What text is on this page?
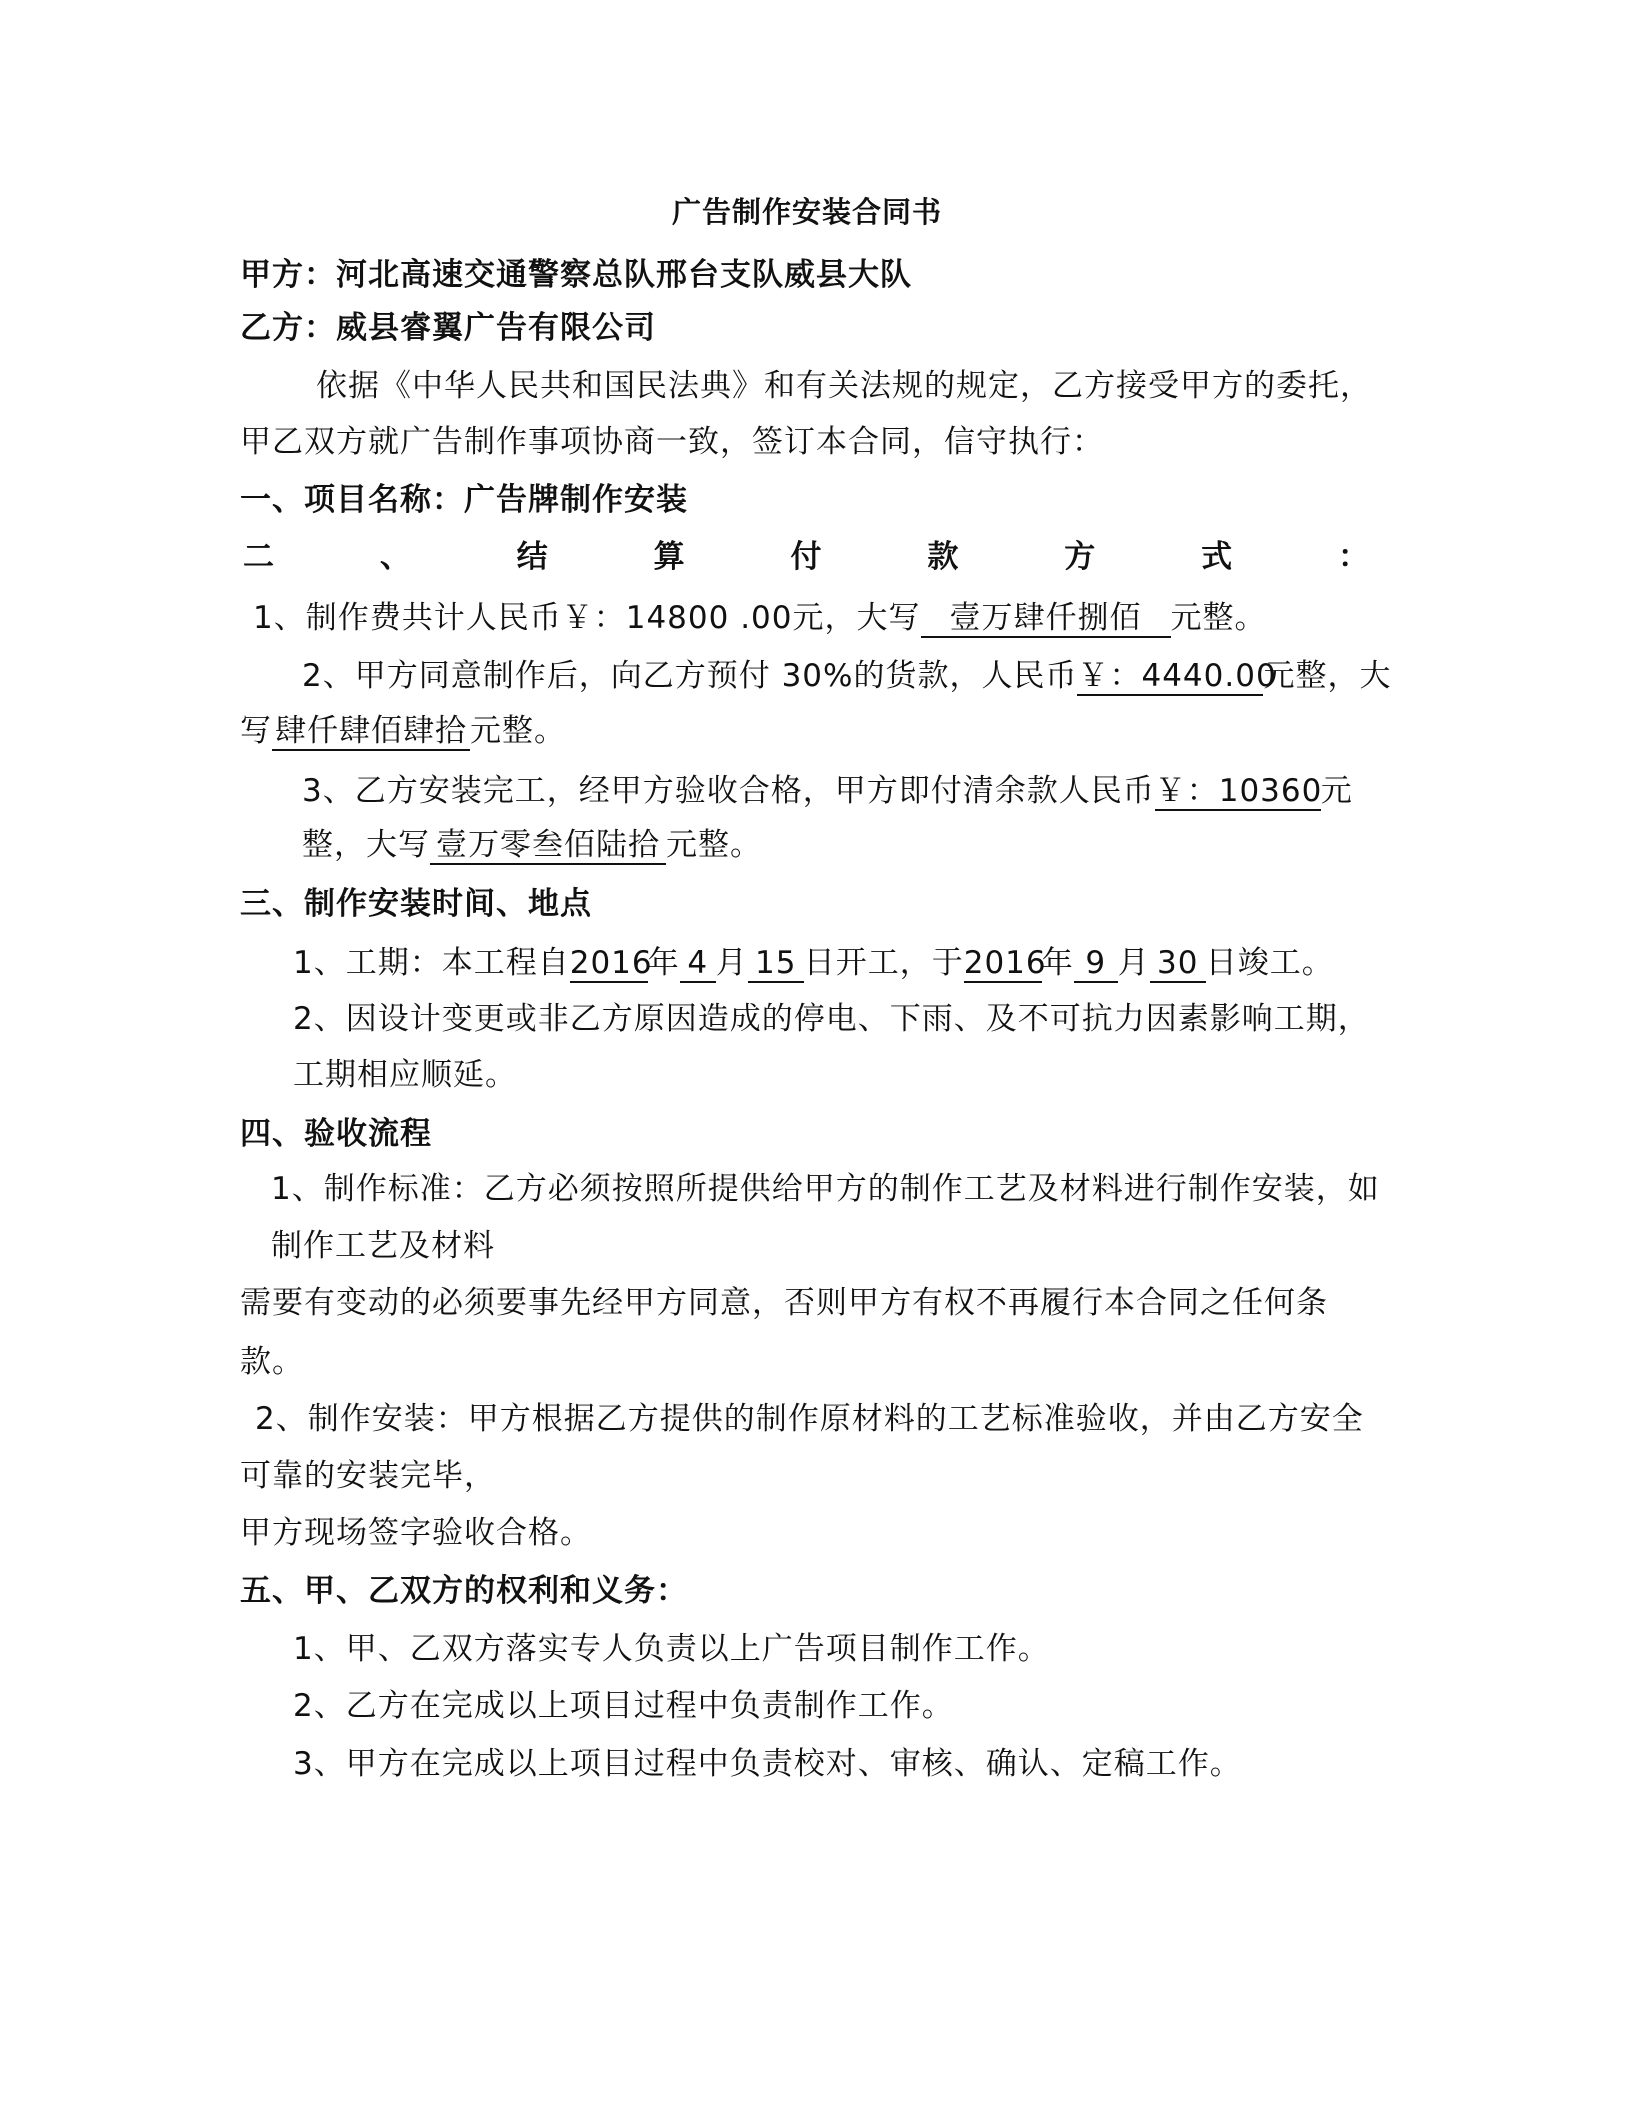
广告制作安装合同书
甲方：河北高速交通警察总队邢台支队威县大队
乙方：威县睿翼广告有限公司
依据《中华人民共和国民法典》和有关法规的规定，乙方接受甲方的委托，
甲乙双方就广告制作事项协商一致，签订本合同，信守执行：
一、项目名称：广告牌制作安装
二	、	结	算	付	款	方	式	：
1、制作费共计人民币￥：14800 .00元，大写 壹万肆仟捌佰 元整。
2、甲方同意制作后，向乙方预付 30%的货款，人民币￥：4440.00元整，大
写肆仟肆佰肆拾元整。
3、乙方安装完工，经甲方验收合格，甲方即付清余款人民币￥：10360元
整，大写 壹万零叁佰陆拾 元整。
三、制作安装时间、地点
1、工期：本工程自2016年 4 月 15 日开工，于2016年 9 月 30 日竣工。
2、因设计变更或非乙方原因造成的停电、下雨、及不可抗力因素影响工期，
工期相应顺延。
四、验收流程
1、制作标准：乙方必须按照所提供给甲方的制作工艺及材料进行制作安装，如
制作工艺及材料
需要有变动的必须要事先经甲方同意，否则甲方有权不再履行本合同之任何条
款。
2、制作安装：甲方根据乙方提供的制作原材料的工艺标准验收，并由乙方安全
可靠的安装完毕，
甲方现场签字验收合格。
五、甲、乙双方的权利和义务：
1、甲、乙双方落实专人负责以上广告项目制作工作。
2、乙方在完成以上项目过程中负责制作工作。
3、甲方在完成以上项目过程中负责校对、审核、确认、定稿工作。
